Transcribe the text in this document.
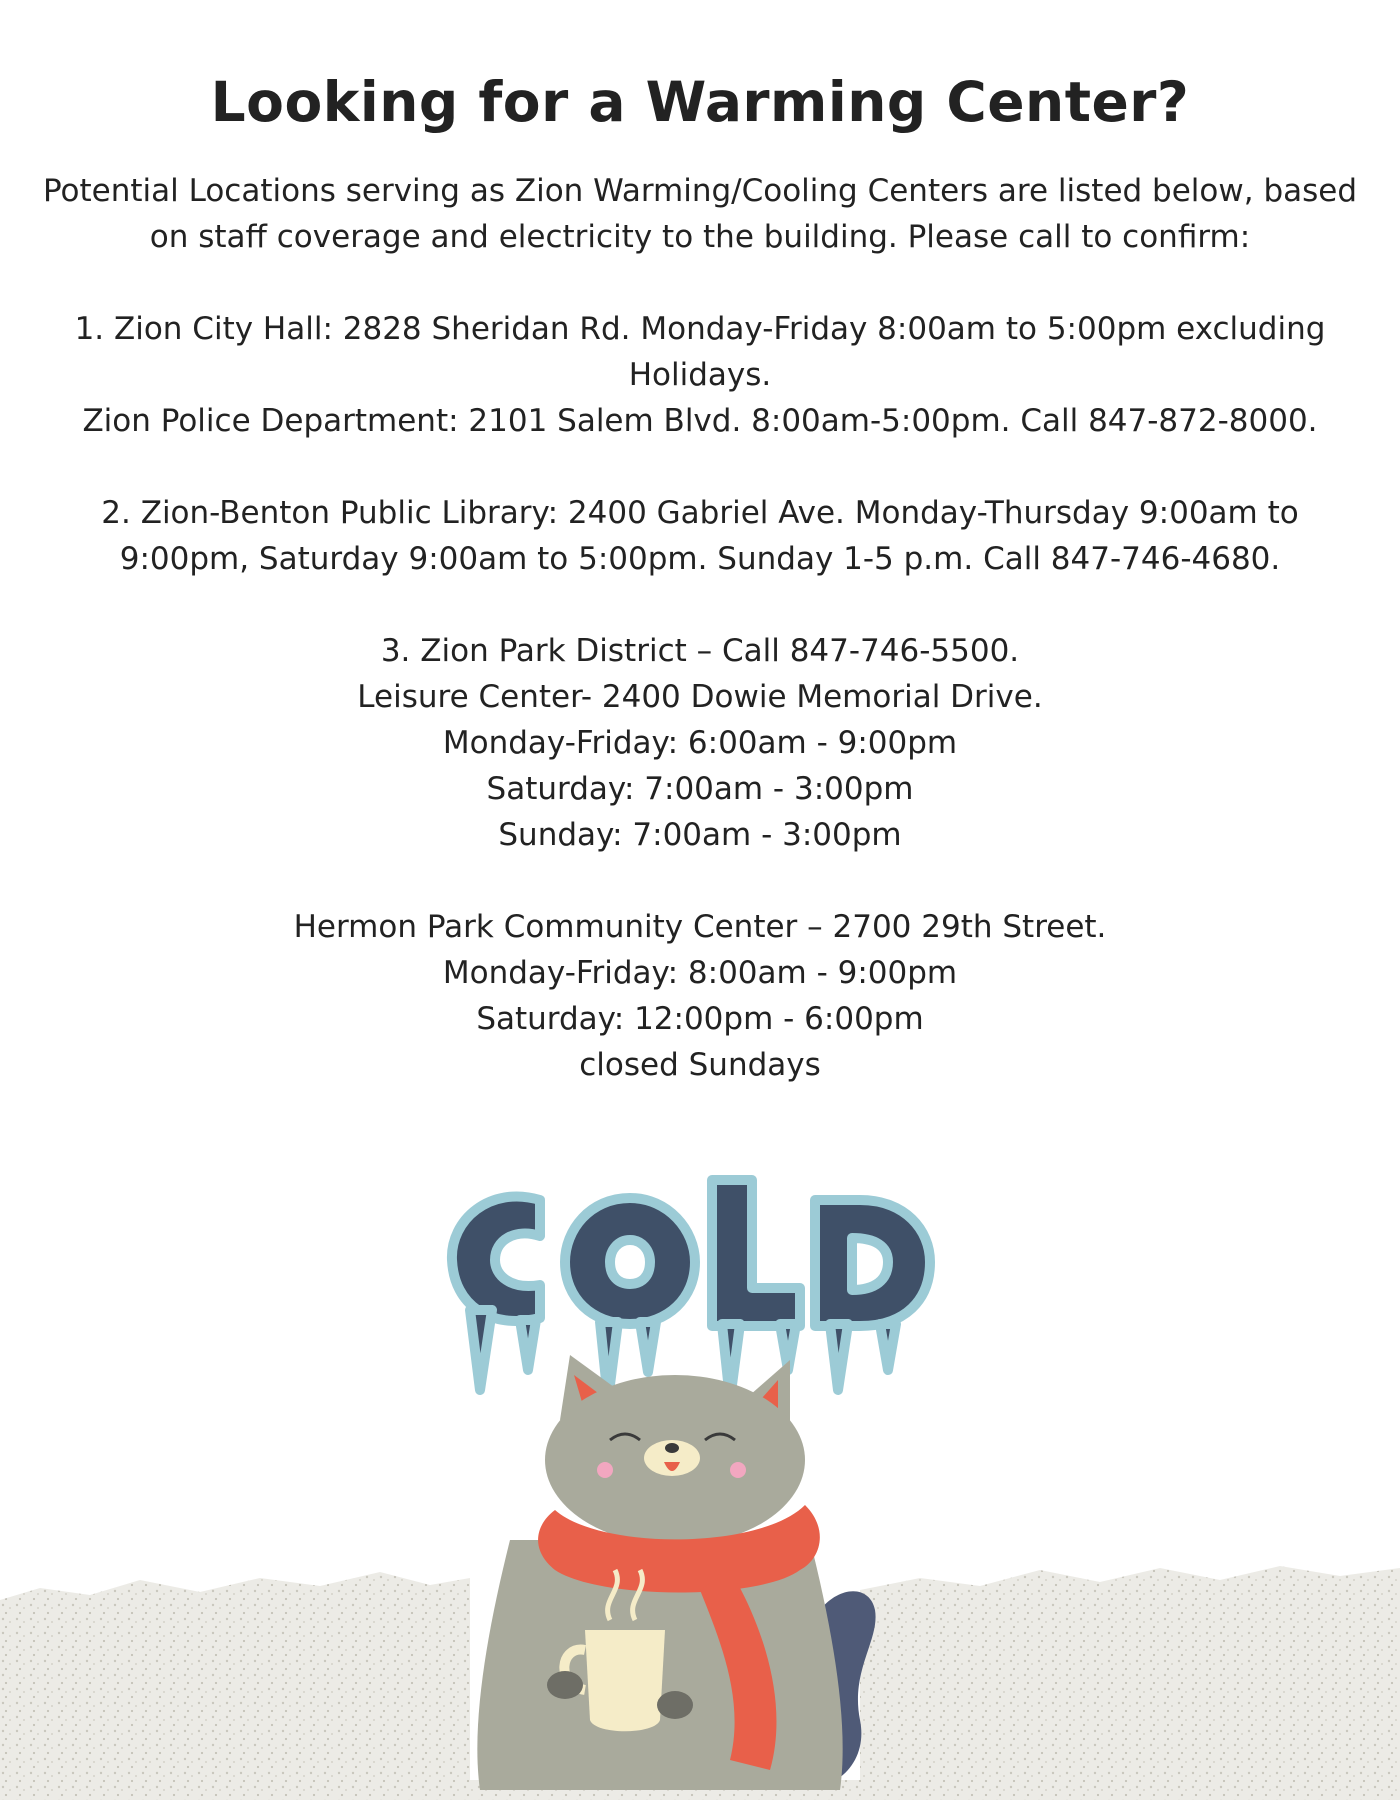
Looking for a Warming Center?
Potential Locations serving as Zion Warming/Cooling Centers are listed below, based
on staff coverage and electricity to the building. Please call to confirm:
1. Zion City Hall: 2828 Sheridan Rd. Monday-Friday 8:00am to 5:00pm excluding
Holidays.
Zion Police Department: 2101 Salem Blvd. 8:00am-5:00pm. Call 847-872-8000.
2. Zion-Benton Public Library: 2400 Gabriel Ave. Monday-Thursday 9:00am to
9:00pm, Saturday 9:00am to 5:00pm. Sunday 1-5 p.m. Call 847-746-4680.
3. Zion Park District – Call 847-746-5500.
Leisure Center- 2400 Dowie Memorial Drive.
Monday-Friday: 6:00am - 9:00pm
Saturday: 7:00am - 3:00pm
Sunday: 7:00am - 3:00pm
Hermon Park Community Center – 2700 29th Street.
Monday-Friday: 8:00am - 9:00pm
Saturday: 12:00pm - 6:00pm
closed Sundays
